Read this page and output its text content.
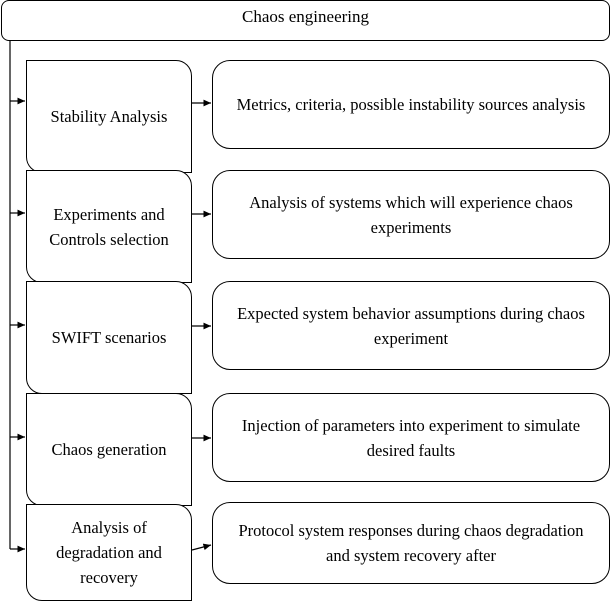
Chaos engineering
Stability Analysis
Metrics, criteria, possible instability sources analysis
Experiments and Controls selection
Analysis of systems which will experience chaos experiments
SWIFT scenarios
Expected system behavior assumptions during chaos experiment
Chaos generation
Injection of parameters into experiment to simulate desired faults
Analysis of degradation and recovery
Protocol system responses during chaos degradation and system recovery after
